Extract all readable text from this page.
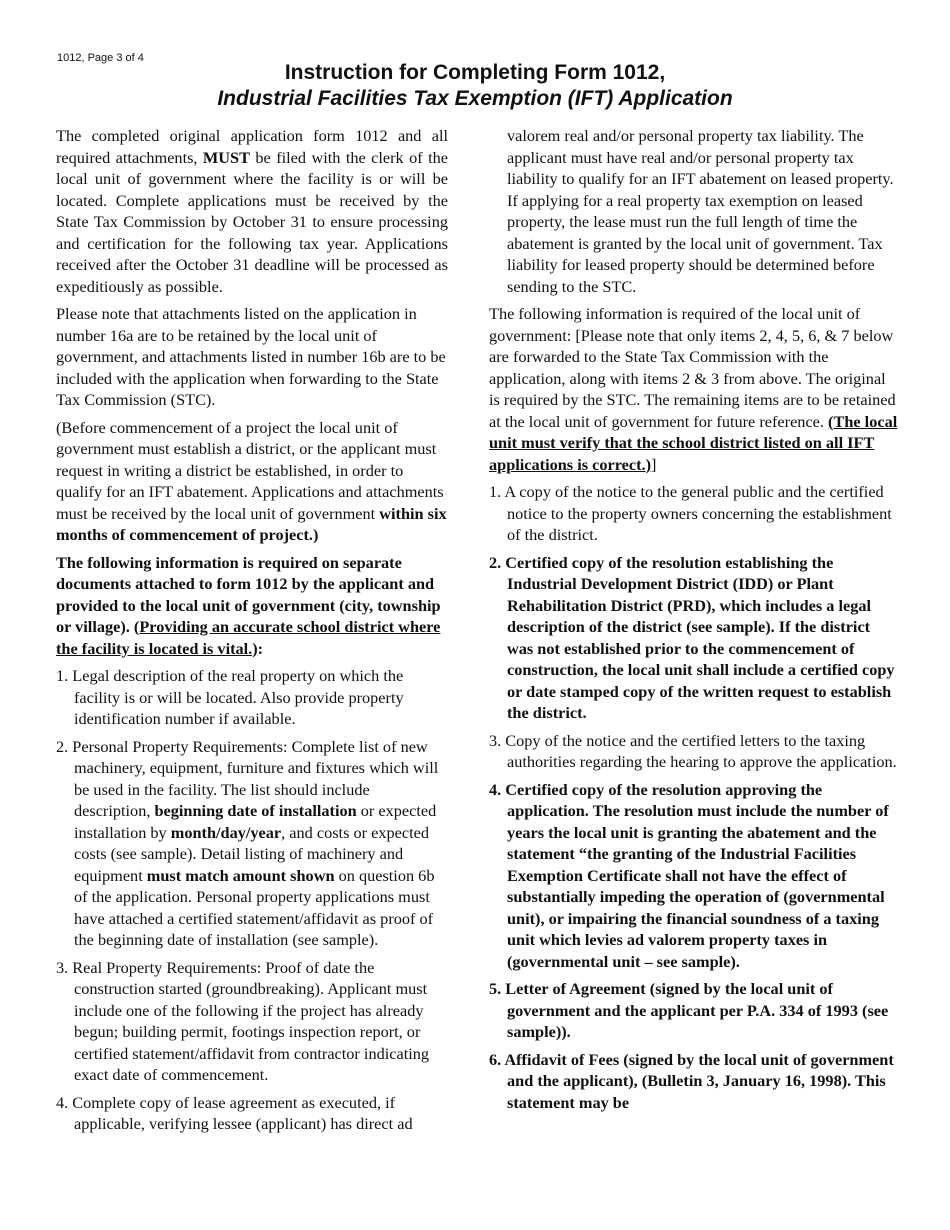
1012, Page 3 of 4
Instruction for Completing Form 1012,
Industrial Facilities Tax Exemption (IFT) Application

The completed original application form 1012 and all required attachments, MUST be filed with the clerk of the local unit of government where the facility is or will be located. Complete applications must be received by the State Tax Commission by October 31 to ensure processing and certification for the following tax year. Applications received after the October 31 deadline will be processed as expeditiously as possible.

Please note that attachments listed on the application in number 16a are to be retained by the local unit of government, and attachments listed in number 16b are to be included with the application when forwarding to the State Tax Commission (STC).

(Before commencement of a project the local unit of government must establish a district, or the applicant must request in writing a district be established, in order to qualify for an IFT abatement. Applications and attachments must be received by the local unit of government within six months of commencement of project.)

The following information is required on separate documents attached to form 1012 by the applicant and provided to the local unit of government (city, township or village). (Providing an accurate school district where the facility is located is vital.):

1. Legal description of the real property on which the facility is or will be located. Also provide property identification number if available.
2. Personal Property Requirements: Complete list of new machinery, equipment, furniture and fixtures which will be used in the facility. The list should include description, beginning date of installation or expected installation by month/day/year, and costs or expected costs (see sample). Detail listing of machinery and equipment must match amount shown on question 6b of the application. Personal property applications must have attached a certified statement/affidavit as proof of the beginning date of installation (see sample).
3. Real Property Requirements: Proof of date the construction started (groundbreaking). Applicant must include one of the following if the project has already begun; building permit, footings inspection report, or certified statement/affidavit from contractor indicating exact date of commencement.
4. Complete copy of lease agreement as executed, if applicable, verifying lessee (applicant) has direct ad

valorem real and/or personal property tax liability. The applicant must have real and/or personal property tax liability to qualify for an IFT abatement on leased property. If applying for a real property tax exemption on leased property, the lease must run the full length of time the abatement is granted by the local unit of government. Tax liability for leased property should be determined before sending to the STC.

The following information is required of the local unit of government: [Please note that only items 2, 4, 5, 6, & 7 below are forwarded to the State Tax Commission with the application, along with items 2 & 3 from above. The original is required by the STC. The remaining items are to be retained at the local unit of government for future reference. (The local unit must verify that the school district listed on all IFT applications is correct.)]

1. A copy of the notice to the general public and the certified notice to the property owners concerning the establishment of the district.
2. Certified copy of the resolution establishing the Industrial Development District (IDD) or Plant Rehabilitation District (PRD), which includes a legal description of the district (see sample). If the district was not established prior to the commencement of construction, the local unit shall include a certified copy or date stamped copy of the written request to establish the district.
3. Copy of the notice and the certified letters to the taxing authorities regarding the hearing to approve the application.
4. Certified copy of the resolution approving the application. The resolution must include the number of years the local unit is granting the abatement and the statement “the granting of the Industrial Facilities Exemption Certificate shall not have the effect of substantially impeding the operation of (governmental unit), or impairing the financial soundness of a taxing unit which levies ad valorem property taxes in (governmental unit – see sample).
5. Letter of Agreement (signed by the local unit of government and the applicant per P.A. 334 of 1993 (see sample)).
6. Affidavit of Fees (signed by the local unit of government and the applicant), (Bulletin 3, January 16, 1998). This statement may be
